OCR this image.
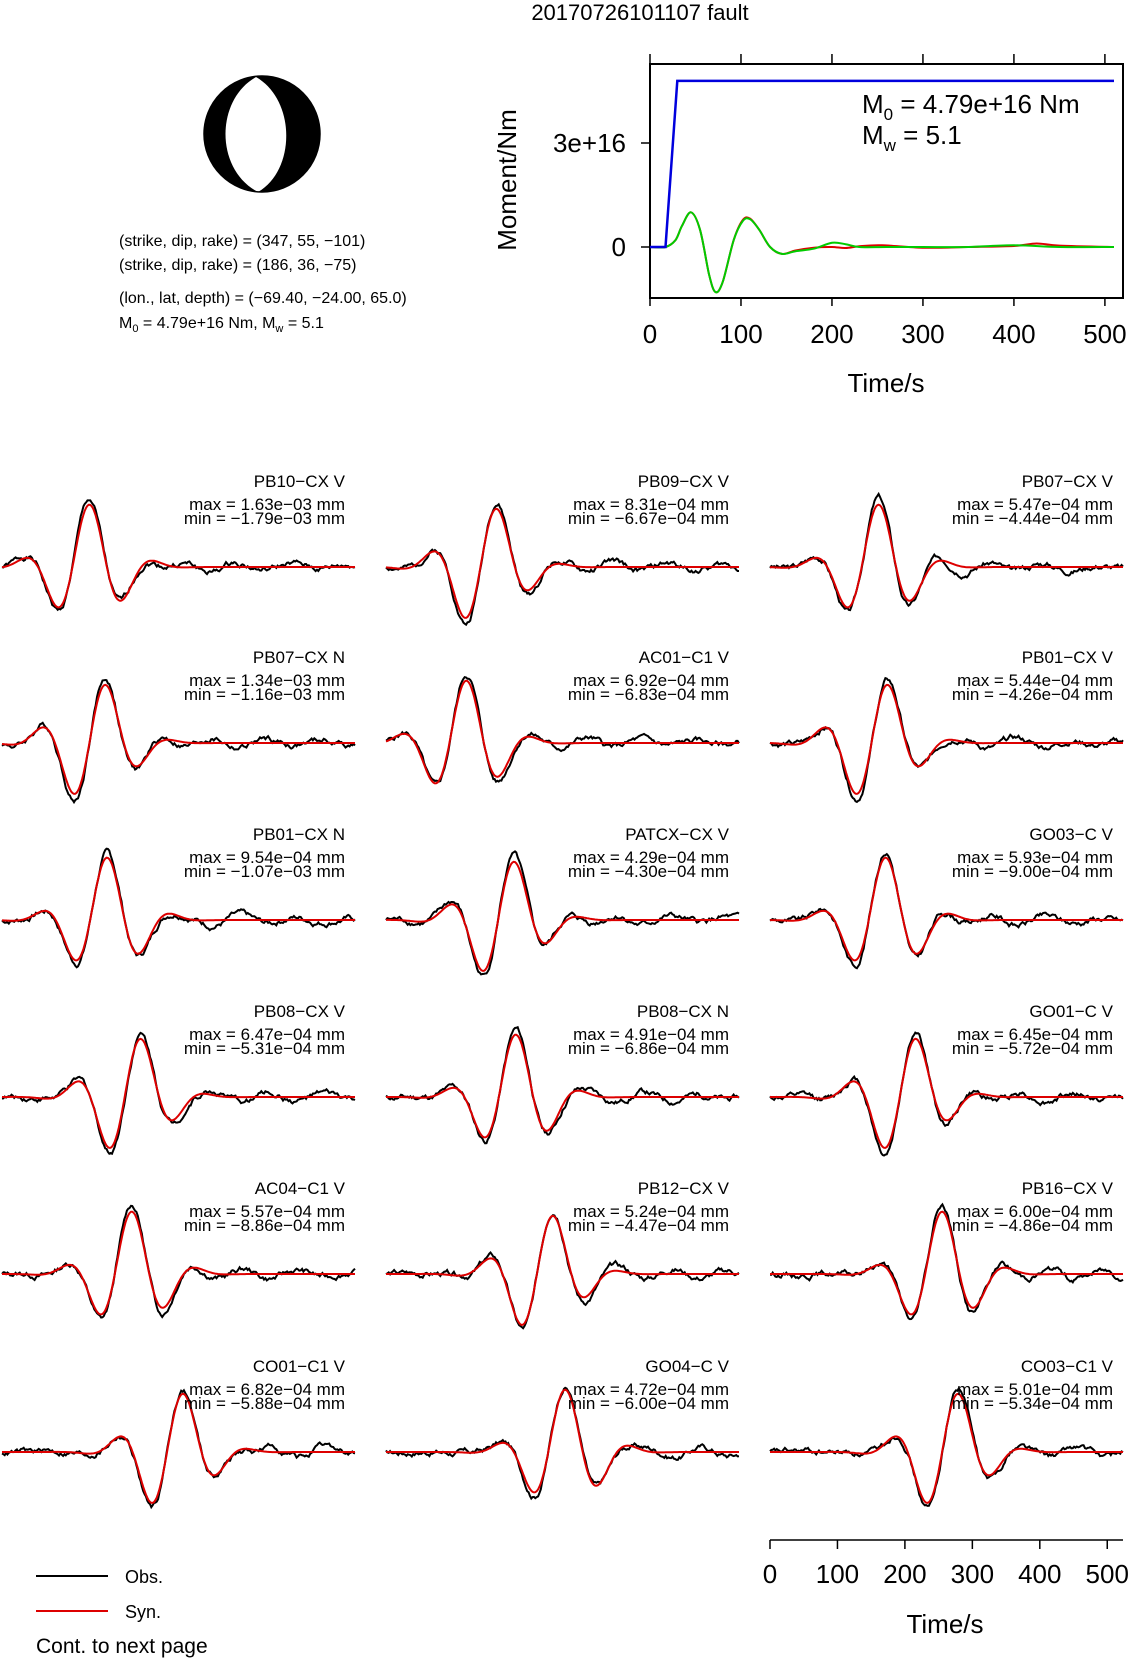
20170726101107 fault
(strike, dip, rake) = (347, 55, −101)
(strike, dip, rake) = (186, 36, −75)
(lon., lat, depth) = (−69.40, −24.00, 65.0)
$M_0 = 4.79e+16$ Nm, $M_w = 5.1$	0 100 200 300 400 500
3e+16
0
$M_0 = 4.79e+16$ Nm
$M_w = 5.1$
Moment/Nm
Time/s
PB10−CX V
max = 1.63e−03 mm
min = −1.79e−03 mm
PB09−CX V
max = 8.31e−04 mm
min = −6.67e−04 mm
PB07−CX V
max = 5.47e−04 mm
min = −4.44e−04 mm
PB07−CX N
max = 1.34e−03 mm
min = −1.16e−03 mm
AC01−C1 V
max = 6.92e−04 mm
min = −6.83e−04 mm
PB01−CX V
max = 5.44e−04 mm
min = −4.26e−04 mm
PB01−CX N
max = 9.54e−04 mm
min = −1.07e−03 mm
PATCX−CX V
max = 4.29e−04 mm
min = −4.30e−04 mm
GO03−C V
max = 5.93e−04 mm
min = −9.00e−04 mm
PB08−CX V
max = 6.47e−04 mm
min = −5.31e−04 mm
PB08−CX N
max = 4.91e−04 mm
min = −6.86e−04 mm
GO01−C V
max = 6.45e−04 mm
min = −5.72e−04 mm
AC04−C1 V
max = 5.57e−04 mm
min = −8.86e−04 mm
PB12−CX V
max = 5.24e−04 mm
min = −4.47e−04 mm
PB16−CX V
max = 6.00e−04 mm
min = −4.86e−04 mm
CO01−C1 V
max = 6.82e−04 mm
min = −5.88e−04 mm
GO04−C V
max = 4.72e−04 mm
min = −6.00e−04 mm
CO03−C1 V
max = 5.01e−04 mm
min = −5.34e−04 mm
0 100 200 300 400 500
Time/s
Obs.
Syn.
Cont. to next page
